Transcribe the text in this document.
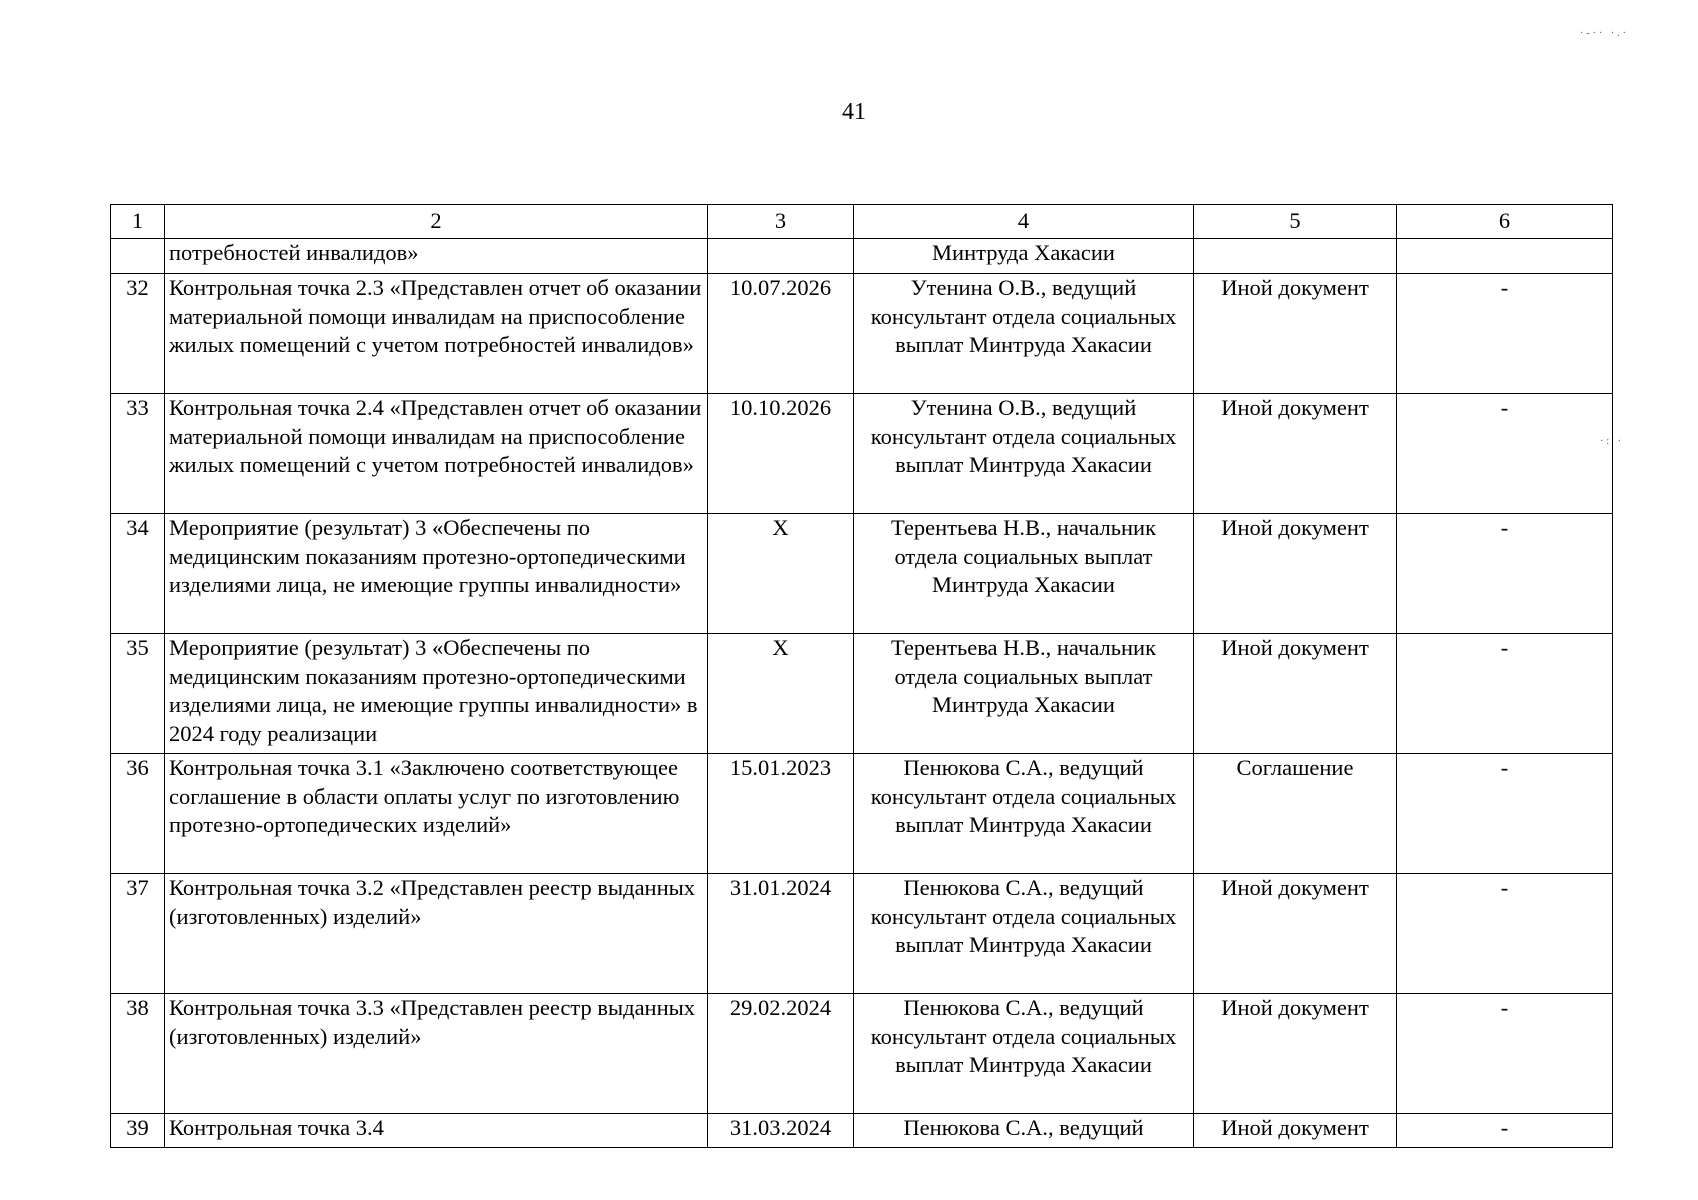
41
·-·· ·.·
·: ·
1	2	3	4	5	6
	потребностей инвалидов»		Минтруда Хакасии		
32	Контрольная точка 2.3 «Представлен отчет об оказании материальной помощи инвалидам на приспособление жилых помещений с учетом потребностей инвалидов»	10.07.2026	Утенина О.В., ведущий консультант отдела социальных выплат Минтруда Хакасии	Иной документ	-
33	Контрольная точка 2.4 «Представлен отчет об оказании материальной помощи инвалидам на приспособление жилых помещений с учетом потребностей инвалидов»	10.10.2026	Утенина О.В., ведущий консультант отдела социальных выплат Минтруда Хакасии	Иной документ	-
34	Мероприятие (результат) 3 «Обеспечены по медицинским показаниям протезно-ортопедическими изделиями лица, не имеющие группы инвалидности»	Х	Терентьева Н.В., начальник отдела социальных выплат Минтруда Хакасии	Иной документ	-
35	Мероприятие (результат) 3 «Обеспечены по медицинским показаниям протезно-ортопедическими изделиями лица, не имеющие группы инвалидности» в 2024 году реализации	Х	Терентьева Н.В., начальник отдела социальных выплат Минтруда Хакасии	Иной документ	-
36	Контрольная точка 3.1 «Заключено соответствующее соглашение в области оплаты услуг по изготовлению протезно-ортопедических изделий»	15.01.2023	Пенюкова С.А., ведущий консультант отдела социальных выплат Минтруда Хакасии	Соглашение	-
37	Контрольная точка 3.2 «Представлен реестр выданных (изготовленных) изделий»	31.01.2024	Пенюкова С.А., ведущий консультант отдела социальных выплат Минтруда Хакасии	Иной документ	-
38	Контрольная точка 3.3 «Представлен реестр выданных (изготовленных) изделий»	29.02.2024	Пенюкова С.А., ведущий консультант отдела социальных выплат Минтруда Хакасии	Иной документ	-
39	Контрольная точка 3.4	31.03.2024	Пенюкова С.А., ведущий	Иной документ	-
